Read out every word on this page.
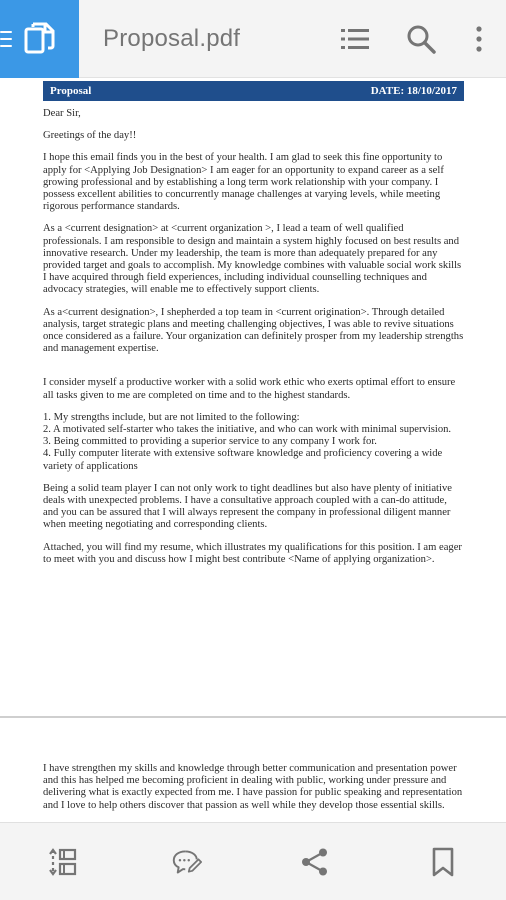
Proposal.pdf
Proposal	DATE: 18/10/2017

Dear Sir,

Greetings of the day!!

I hope this email finds you in the best of your health. I am glad to seek this fine opportunity to apply for <Applying Job Designation> I am eager for an opportunity to expand career as a self growing professional and by establishing a long term work relationship with your company. I possess excellent abilities to concurrently manage challenges at varying levels, while meeting rigorous performance standards.

As a <current designation> at <current organization >, I lead a team of well qualified professionals. I am responsible to design and maintain a system highly focused on best results and innovative research. Under my leadership, the team is more than adequately prepared for any provided target and goals to accomplish. My knowledge combines with valuable social work skills I have acquired through field experiences, including individual counselling techniques and advocacy strategies, will enable me to effectively support clients.

As a<current designation>, I shepherded a top team in <current origination>. Through detailed analysis, target strategic plans and meeting challenging objectives, I was able to revive situations once considered as a failure. Your organization can definitely prosper from my leadership strengths and management expertise.

I consider myself a productive worker with a solid work ethic who exerts optimal effort to ensure all tasks given to me are completed on time and to the highest standards.

1. My strengths include, but are not limited to the following:
2. A motivated self-starter who takes the initiative, and who can work with minimal supervision.
3. Being committed to providing a superior service to any company I work for.
4. Fully computer literate with extensive software knowledge and proficiency covering a wide variety of applications

Being a solid team player I can not only work to tight deadlines but also have plenty of initiative deals with unexpected problems. I have a consultative approach coupled with a can-do attitude, and you can be assured that I will always represent the company in professional diligent manner when meeting negotiating and corresponding clients.

Attached, you will find my resume, which illustrates my qualifications for this position. I am eager to meet with you and discuss how I might best contribute <Name of applying organization>.

I have strengthen my skills and knowledge through better communication and presentation power and this has helped me becoming proficient in dealing with public, working under pressure and delivering what is exactly expected from me. I have passion for public speaking and representation and I love to help others discover that passion as well while they develop those essential skills.
